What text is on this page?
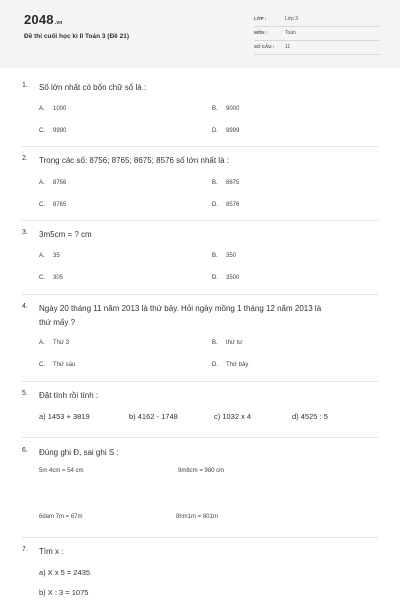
2048.vn
Đề thi cuối học kì II Toán 3 (Đề 21)
LỚP :	Lớp 3
MÔN :	Toán
SỐ CÂU : 11
1. Số lớn nhất có bốn chữ số là :
A. 1000	B. 9000
C. 9990	D. 9999
2. Trong các số: 8756; 8765; 8675; 8576 số lớn nhất là :
A. 8756	B. 8675
C. 8765	D. 8576
3. 3m5cm = ? cm
A. 35	B. 350
C. 305	D. 3500
4. Ngày 20 tháng 11 năm 2013 là thứ bảy. Hỏi ngày mồng 1 tháng 12 năm 2013 là
thứ mấy ?
A. Thứ 3	B. thứ tư
C. Thứ sáu	D. Thứ bảy
5. Đặt tính rồi tính :
a) 1453 + 3819	b) 4162 - 1748	c) 1032 x 4	d) 4525 : 5
6. Đúng ghi Đ, sai ghi S :
5m 4cm = 54 cm	9m8cm = 980 cm
6dam 7m = 67m	8hm1m = 801m
7. Tìm x :
a) X x 5 = 2435
b) X : 3 = 1075
